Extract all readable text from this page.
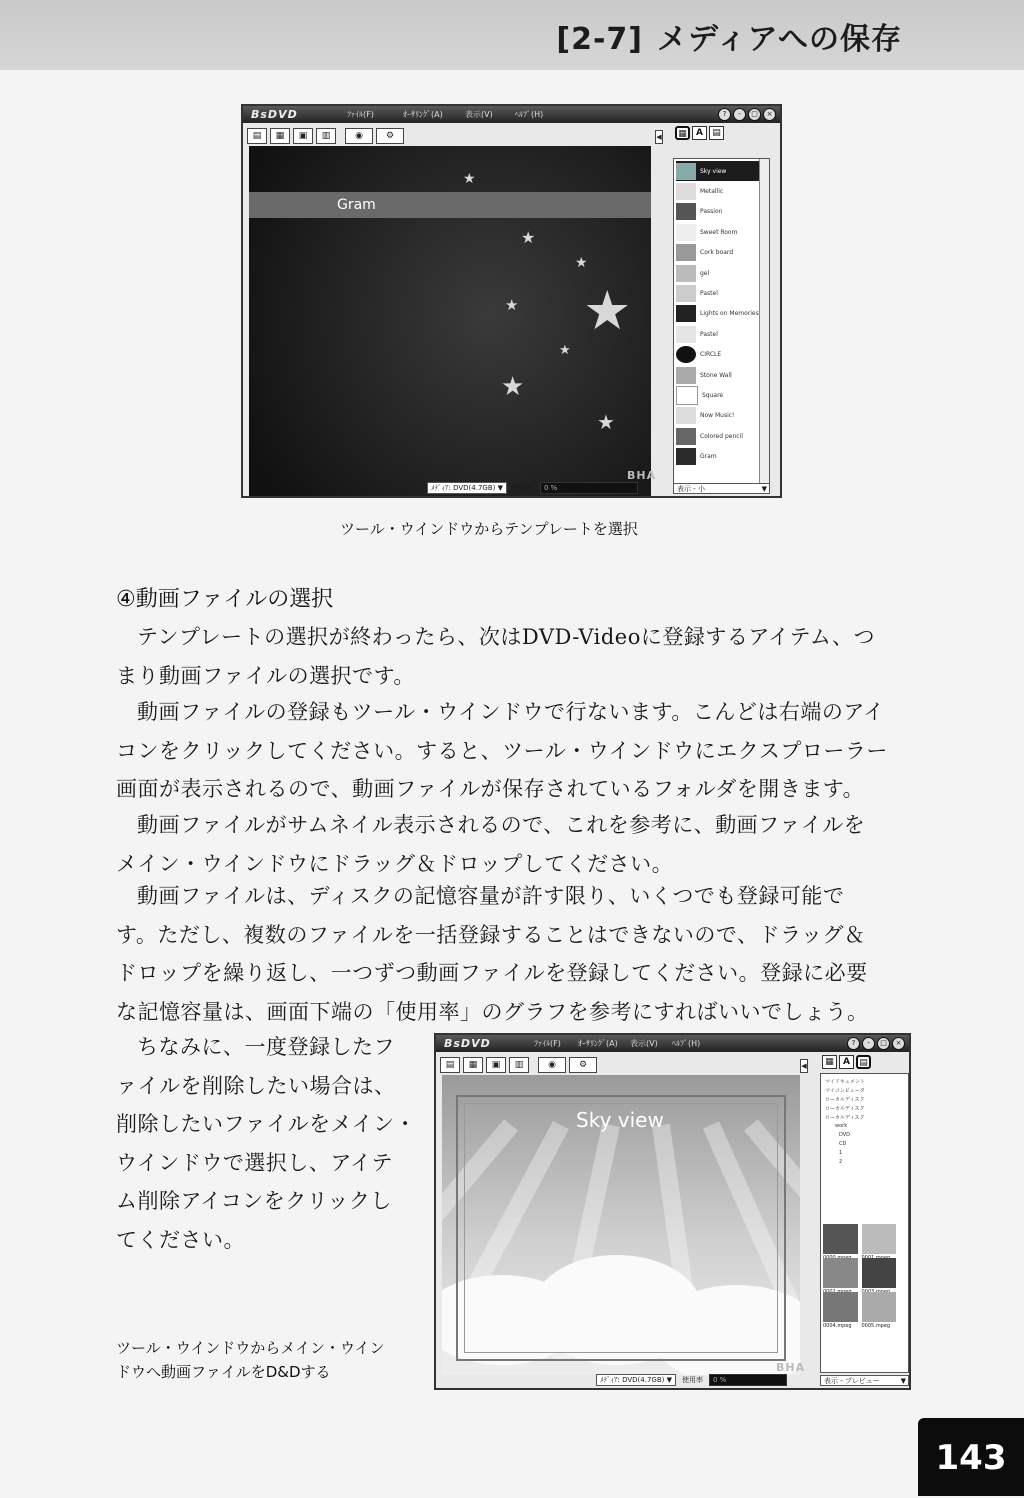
[2-7] メディアへの保存
BsDVD	ﾌｧｲﾙ(F)	ｵｰｻﾘﾝｸﾞ(A)	表示(V)	ﾍﾙﾌﾟ(H)	?	-	□	×
▤	▦	▣	▥	◉	⚙
Gram
★
★
★
★ ★
★
★
★
◀	▦	A	▤
Sky view
Metallic
Passion
Sweet Room
Cork board
gel
Pastel
Lights on Memories
Pastel
CIRCLE
Stone Wall
Square
Now Music!
Colored pencil
Gram
ﾒﾃﾞｨｱ: DVD(4.7GB) ▼	使用率	0 %
BHA
表示 - 小	▼
ツール・ウインドウからテンプレートを選択
④動画ファイルの選択
テンプレートの選択が終わったら、次はDVD-Videoに登録するアイテム、つ
まり動画ファイルの選択です。
動画ファイルの登録もツール・ウインドウで行ないます。こんどは右端のアイ
コンをクリックしてください。すると、ツール・ウインドウにエクスプローラー
画面が表示されるので、動画ファイルが保存されているフォルダを開きます。
動画ファイルがサムネイル表示されるので、これを参考に、動画ファイルを
メイン・ウインドウにドラッグ＆ドロップしてください。
動画ファイルは、ディスクの記憶容量が許す限り、いくつでも登録可能で
す。ただし、複数のファイルを一括登録することはできないので、ドラッグ＆
ドロップを繰り返し、一つずつ動画ファイルを登録してください。登録に必要
な記憶容量は、画面下端の「使用率」のグラフを参考にすればいいでしょう。
ちなみに、一度登録したフ
ァイルを削除したい場合は、
削除したいファイルをメイン・
ウインドウで選択し、アイテ
ム削除アイコンをクリックし
てください。
BsDVD	ﾌｧｲﾙ(F) ｵｰｻﾘﾝｸﾞ(A) 表示(V) ﾍﾙﾌﾟ(H)	?	-	□	×
▤	▦	▣	▥	◉	⚙
Sky view
◀	▦	A	▤
マイドキュメント
マイコンピュータ
ローカルディスク
ローカルディスク
ローカルディスク
work
DVD
CD
1
2
0004.mpeg 0005.mpeg
ﾒﾃﾞｨｱ: DVD(4.7GB) ▼	使用率	0 %
BHA
表示 - プレビュー	▼
ツール・ウインドウからメイン・ウイン
ドウへ動画ファイルをD&Dする
143
